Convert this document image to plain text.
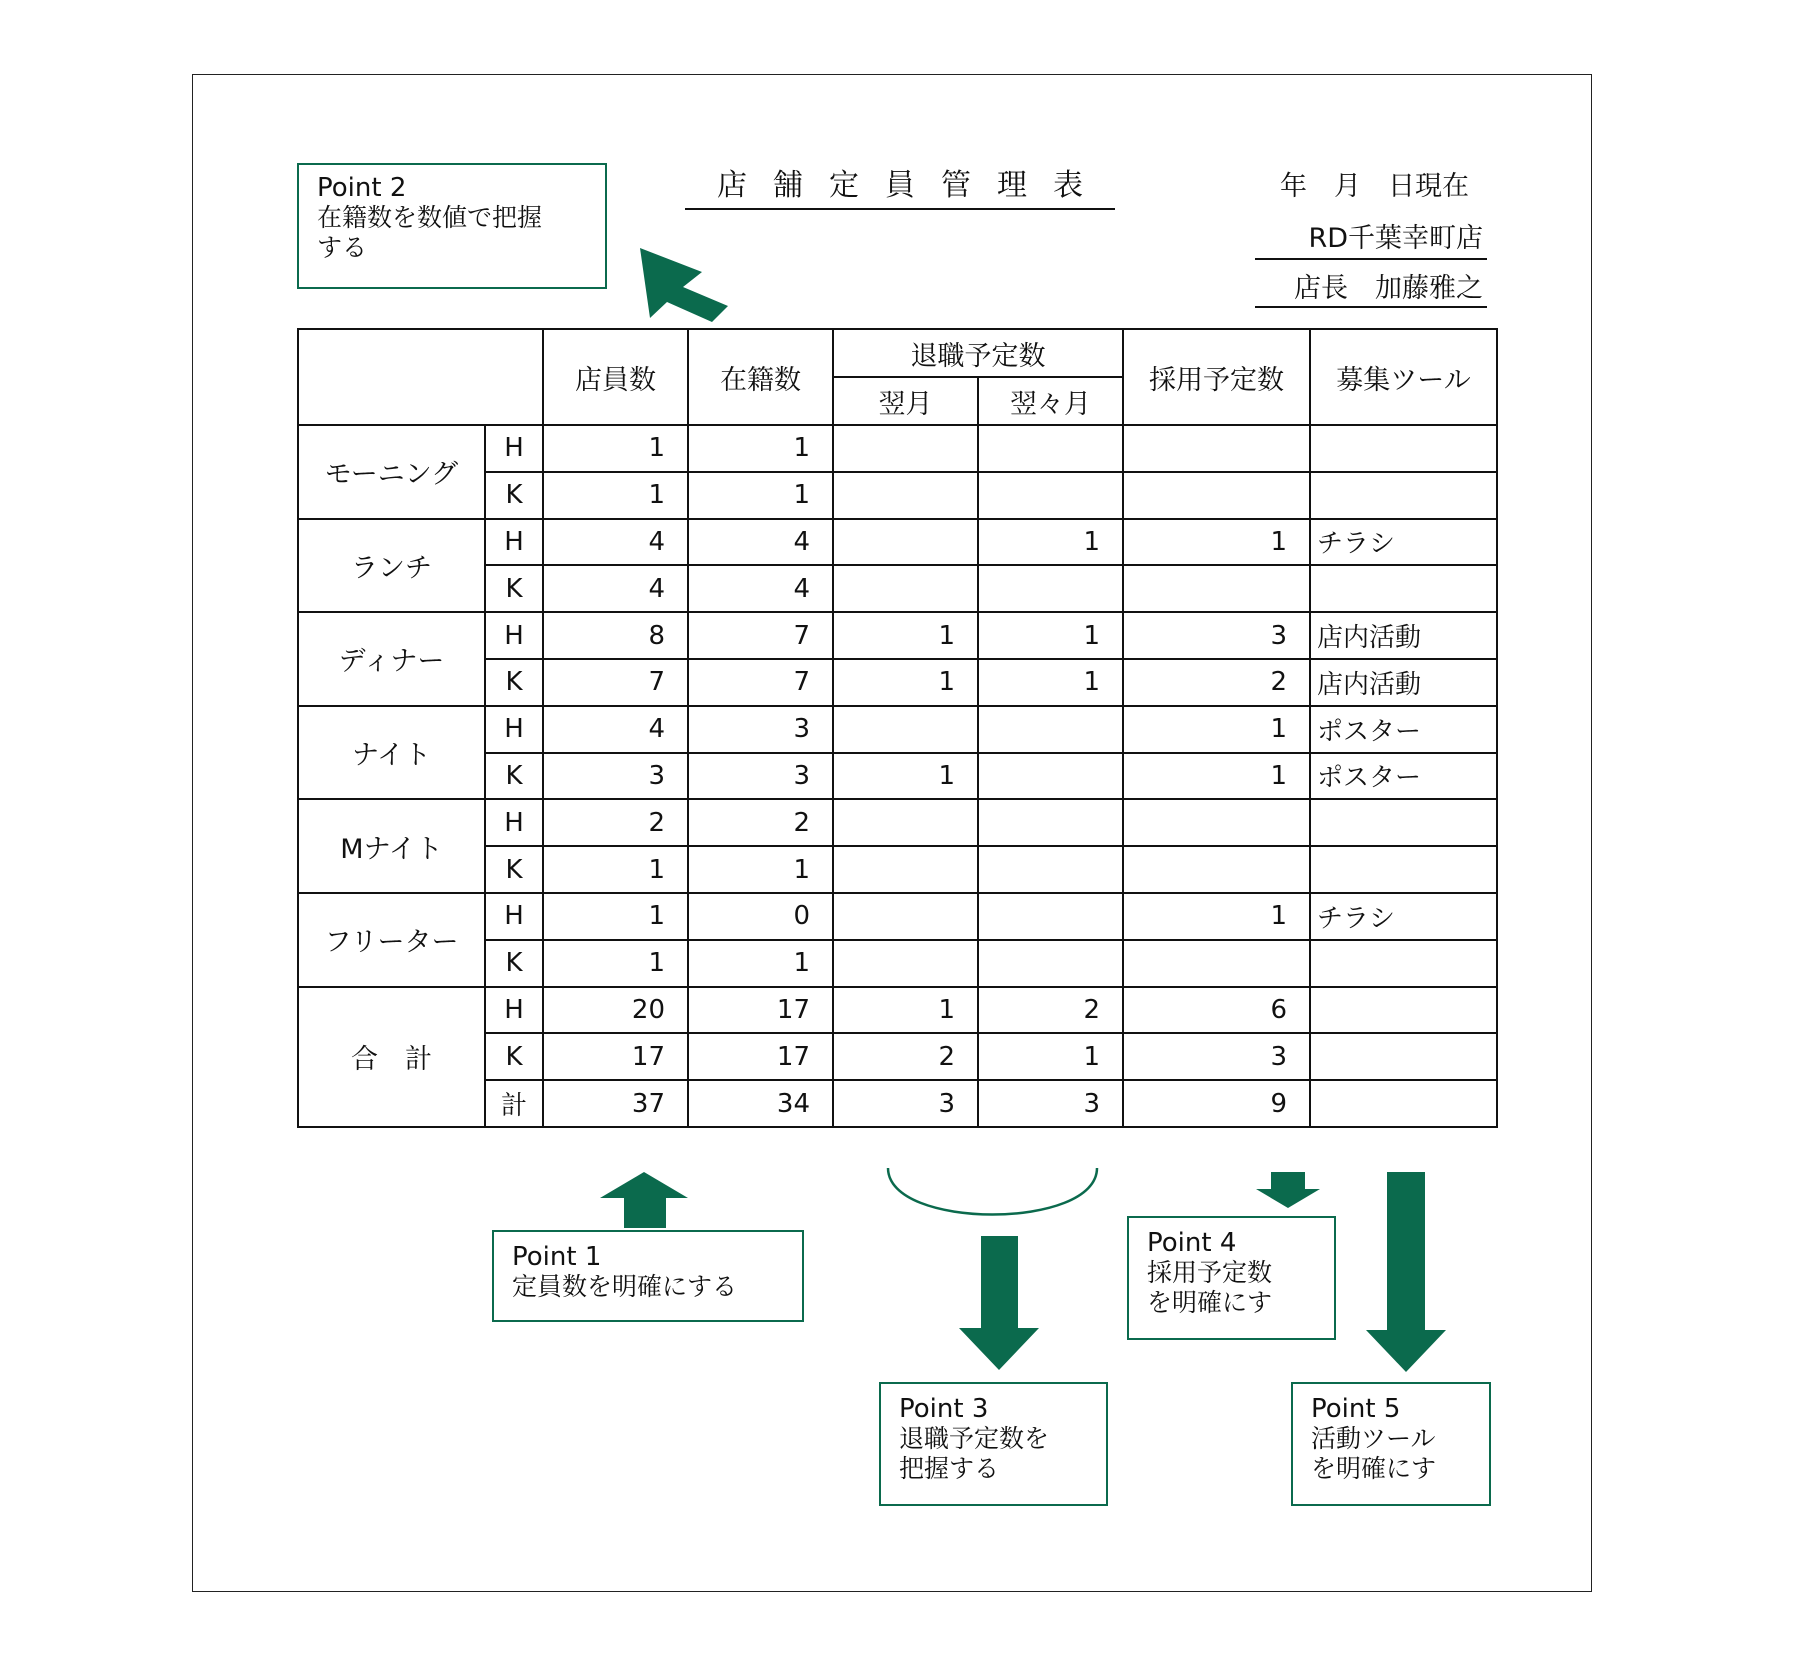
店舗定員管理表	年　月　日現在
RD千葉幸町店
店長　加藤雅之
Point 2
在籍数を数値で把握
する
Point 1
定員数を明確にする
Point 4
採用予定数
を明確にす
Point 3
退職予定数を
把握する
Point 5
活動ツール
を明確にす
		店員数	在籍数	退職予定数		採用予定数	募集ツール
				翌月	翌々月		
モーニング	H	1	1				
	K	1	1				
ランチ	H	4	4		1	1	チラシ
	K	4	4				
ディナー	H	8	7	1	1	3	店内活動
	K	7	7	1	1	2	店内活動
ナイト	H	4	3			1	ポスター
	K	3	3	1		1	ポスター
Mナイト	H	2	2				
	K	1	1				
フリーター	H	1	0			1	チラシ
	K	1	1				
合　計	H	20	17	1	2	6	
	K	17	17	2	1	3	
	計	37	34	3	3	9	
